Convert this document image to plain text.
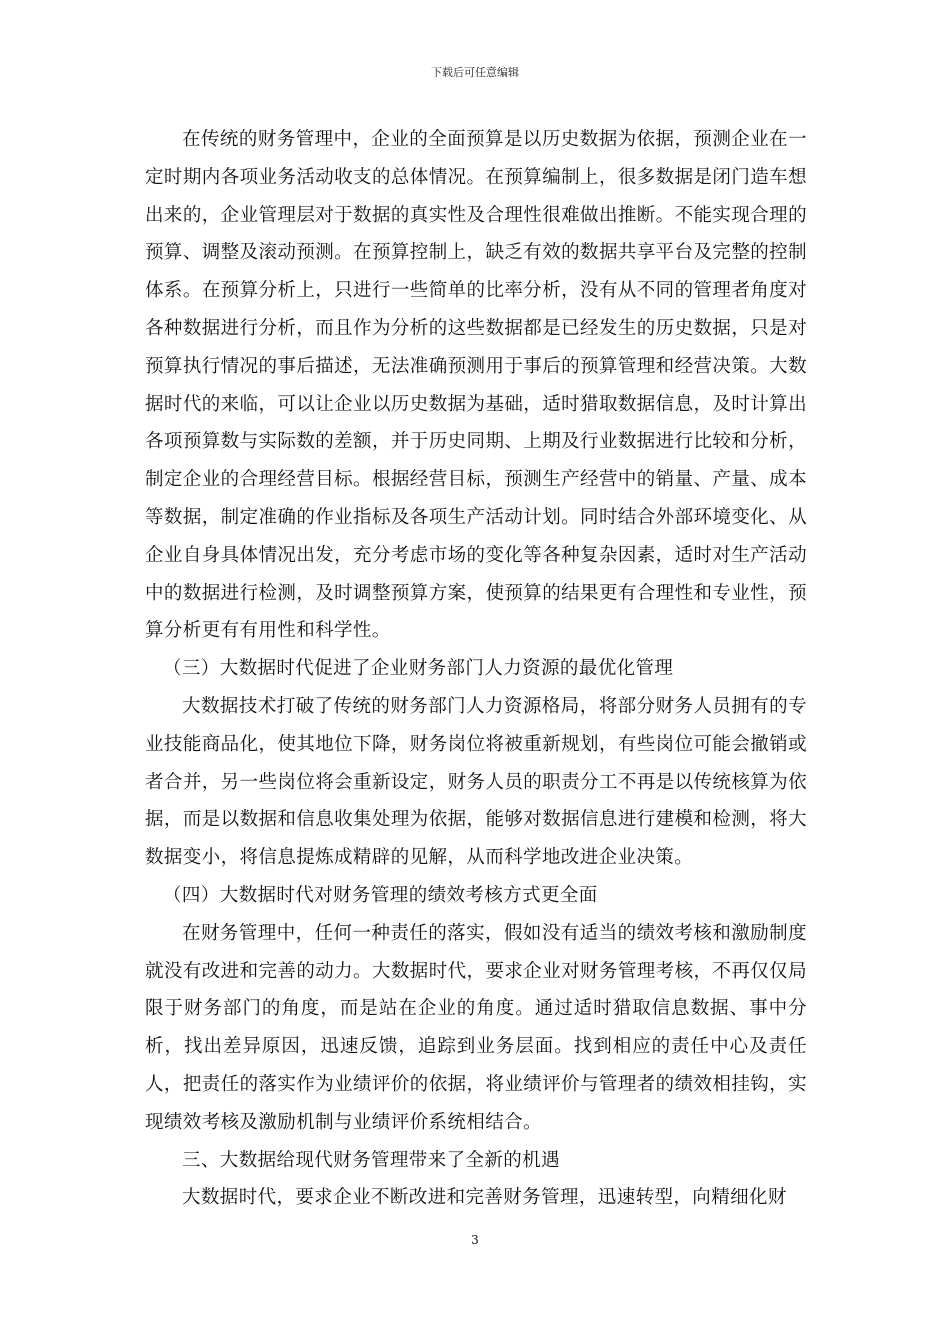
下载后可任意编辑

在传统的财务管理中，企业的全面预算是以历史数据为依据，预测企业在一定时期内各项业务活动收支的总体情况。在预算编制上，很多数据是闭门造车想出来的，企业管理层对于数据的真实性及合理性很难做出推断。不能实现合理的预算、调整及滚动预测。在预算控制上，缺乏有效的数据共享平台及完整的控制体系。在预算分析上，只进行一些简单的比率分析，没有从不同的管理者角度对各种数据进行分析，而且作为分析的这些数据都是已经发生的历史数据，只是对预算执行情况的事后描述，无法准确预测用于事后的预算管理和经营决策。大数据时代的来临，可以让企业以历史数据为基础，适时猎取数据信息，及时计算出各项预算数与实际数的差额，并于历史同期、上期及行业数据进行比较和分析，制定企业的合理经营目标。根据经营目标，预测生产经营中的销量、产量、成本等数据，制定准确的作业指标及各项生产活动计划。同时结合外部环境变化、从企业自身具体情况出发，充分考虑市场的变化等各种复杂因素，适时对生产活动中的数据进行检测，及时调整预算方案，使预算的结果更有合理性和专业性，预算分析更有有用性和科学性。

（三）大数据时代促进了企业财务部门人力资源的最优化管理

大数据技术打破了传统的财务部门人力资源格局，将部分财务人员拥有的专业技能商品化，使其地位下降，财务岗位将被重新规划，有些岗位可能会撤销或者合并，另一些岗位将会重新设定，财务人员的职责分工不再是以传统核算为依据，而是以数据和信息收集处理为依据，能够对数据信息进行建模和检测，将大数据变小，将信息提炼成精辟的见解，从而科学地改进企业决策。

（四）大数据时代对财务管理的绩效考核方式更全面

在财务管理中，任何一种责任的落实，假如没有适当的绩效考核和激励制度就没有改进和完善的动力。大数据时代，要求企业对财务管理考核，不再仅仅局限于财务部门的角度，而是站在企业的角度。通过适时猎取信息数据、事中分析，找出差异原因，迅速反馈，追踪到业务层面。找到相应的责任中心及责任人，把责任的落实作为业绩评价的依据，将业绩评价与管理者的绩效相挂钩，实现绩效考核及激励机制与业绩评价系统相结合。

三、大数据给现代财务管理带来了全新的机遇

大数据时代，要求企业不断改进和完善财务管理，迅速转型，向精细化财

3
